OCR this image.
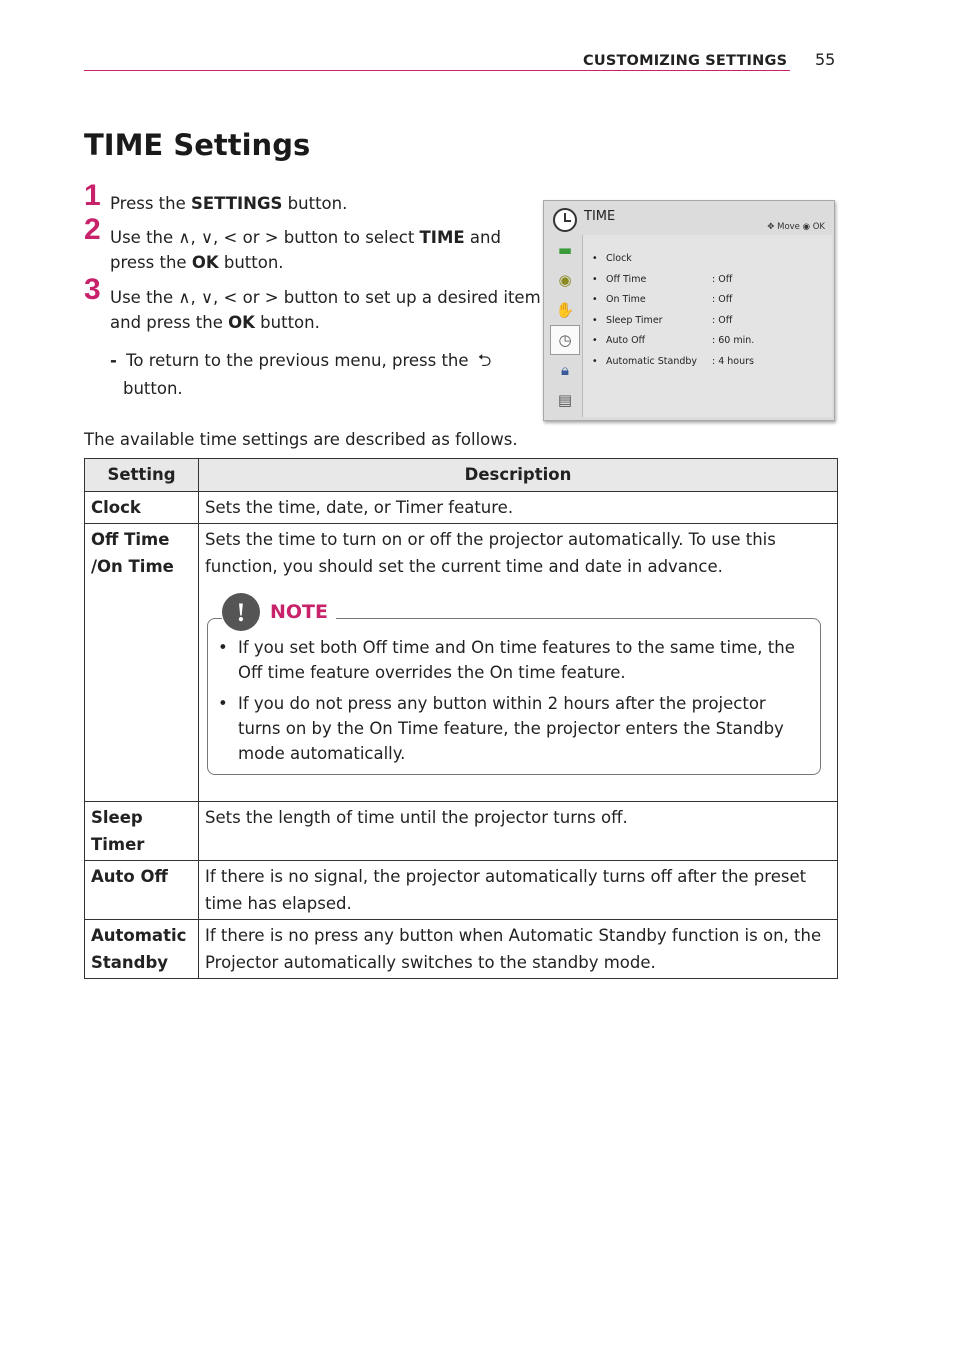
CUSTOMIZING SETTINGS 55
TIME Settings
1 Press the SETTINGS button.
2 Use the ∧, ∨, < or > button to select TIME and press the OK button.
3 Use the ∧, ∨, < or > button to set up a desired item and press the OK button.
- To return to the previous menu, press the ⮌
button.
TIME
✥ Move ◉ OK
▬
◉
✋
◷
🔒︎
▤
• Clock
• Off Time	: Off
• On Time	: Off
• Sleep Timer	: Off
• Auto Off	: 60 min.
• Automatic Standby : 4 hours
The available time settings are described as follows.
Setting	Description
Clock	Sets the time, date, or Timer feature.
Off Time /On Time	Sets the time to turn on or off the projector automatically. To use this function, you should set the current time and date in advance.
! NOTE
• If you set both Off time and On time features to the same time, the Off time feature overrides the On time feature.
• If you do not press any button within 2 hours after the projector turns on by the On Time feature, the projector enters the Standby mode automatically.

Sleep Timer	Sets the length of time until the projector turns off.
Auto Off	If there is no signal, the projector automatically turns off after the preset time has elapsed.
Automatic Standby	If there is no press any button when Automatic Standby function is on, the Projector automatically switches to the standby mode.
